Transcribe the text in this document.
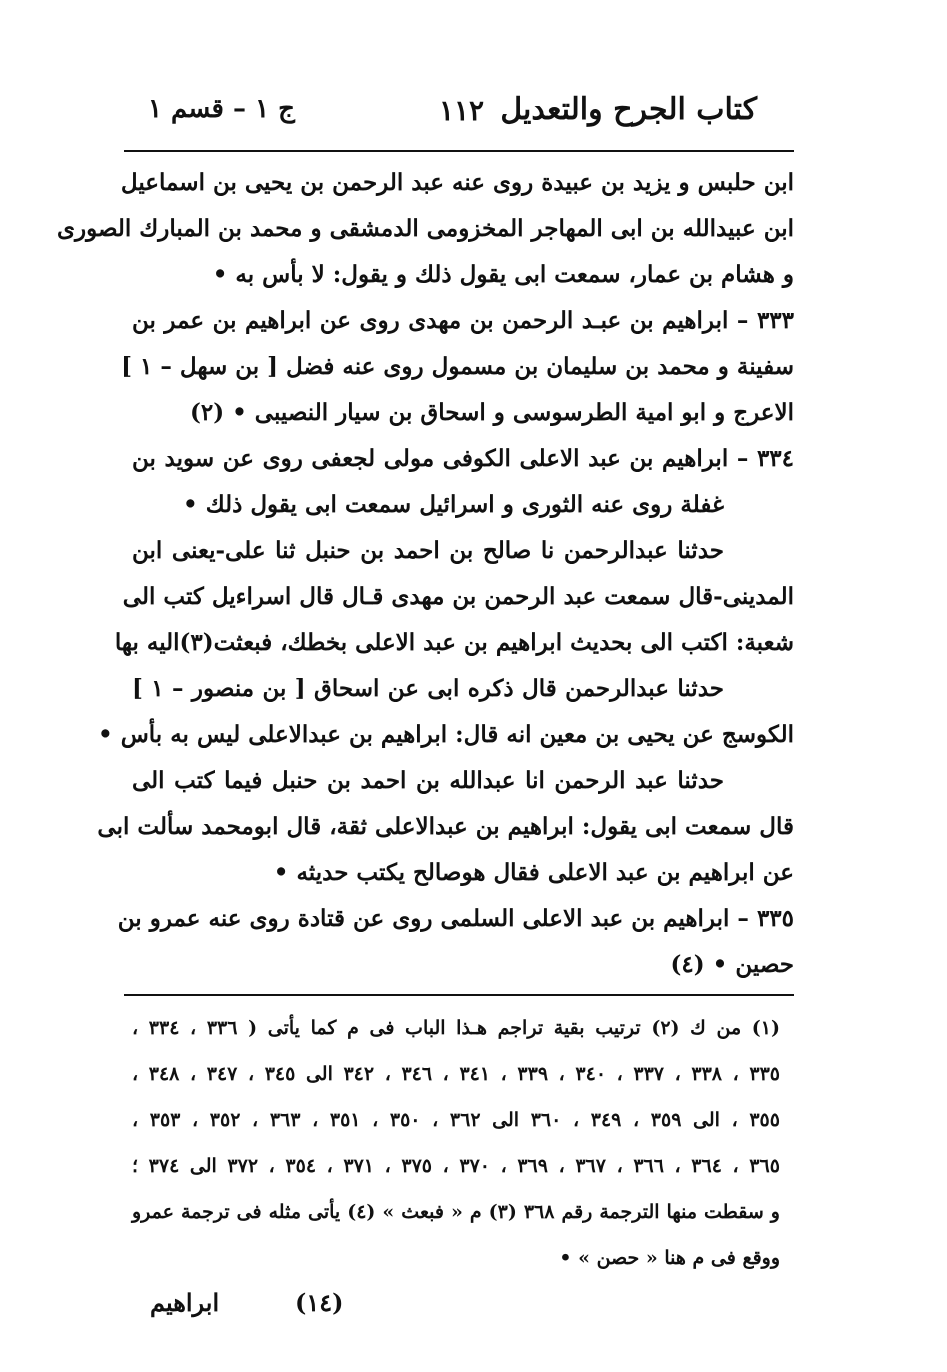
كتاب الجرح والتعديل
١١٢
ج ١ – قسم ١
ابن حلبس و يزيد بن عبيدة روى عنه عبد الرحمن بن يحيى بن اسماعيل
ابن عبيدالله بن ابى المهاجر المخزومى الدمشقى و محمد بن المبارك الصورى
و هشام بن عمار، سمعت ابى يقول ذلك و يقول: لا بأس به •
٣٣٣ – ابراهيم بن عبـد الرحمن بن مهدى روى عن ابراهيم بن عمر بن
سفينة و محمد بن سليمان بن مسمول روى عنه فضل [ بن سهل – ١ ]
الاعرج و ابو امية الطرسوسى و اسحاق بن سيار النصيبى • (٢)
٣٣٤ – ابراهيم بن عبد الاعلى الكوفى مولى لجعفى روى عن سويد بن
غفلة روى عنه الثورى و اسرائيل سمعت ابى يقول ذلك •
حدثنا عبدالرحمن نا صالح بن احمد بن حنبل ثنا على-يعنى ابن
المدينى-قال سمعت عبد الرحمن بن مهدى قـال قال اسراءيل كتب الى
شعبة: اكتب الى بحديث ابراهيم بن عبد الاعلى بخطك، فبعثت(٣)اليه بها
حدثنا عبدالرحمن قال ذكره ابى عن اسحاق [ بن منصور – ١ ]
الكوسج عن يحيى بن معين انه قال: ابراهيم بن عبدالاعلى ليس به بأس •
حدثنا عبد الرحمن انا عبدالله بن احمد بن حنبل فيما كتب الى
قال سمعت ابى يقول: ابراهيم بن عبدالاعلى ثقة، قال ابومحمد سألت ابى
عن ابراهيم بن عبد الاعلى فقال هوصالح يكتب حديثه •
٣٣٥ – ابراهيم بن عبد الاعلى السلمى روى عن قتادة روى عنه عمرو بن
حصين • (٤)
(١) من ك (٢) ترتيب بقية تراجم هـذا الباب فى م كما يأتى ( ٣٣٦ ، ٣٣٤ ،
٣٣٥ ، ٣٣٨ ، ٣٣٧ ، ٣٤٠ ، ٣٣٩ ، ٣٤١ ، ٣٤٦ ، ٣٤٢ الى ٣٤٥ ، ٣٤٧ ، ٣٤٨ ،
٣٥٥ ، الى ٣٥٩ ، ٣٤٩ ، ٣٦٠ الى ٣٦٢ ، ٣٥٠ ، ٣٥١ ، ٣٦٣ ، ٣٥٢ ، ٣٥٣ ،
٣٦٥ ، ٣٦٤ ، ٣٦٦ ، ٣٦٧ ، ٣٦٩ ، ٣٧٠ ، ٣٧٥ ، ٣٧١ ، ٣٥٤ ، ٣٧٢ الى ٣٧٤ ؛
و سقطت منها الترجمة رقم ٣٦٨ (٣) م « فبعث » (٤) يأتى مثله فى ترجمة عمرو
ووقع فى م هنا « حصن » •
(١٤)
ابراهيم
